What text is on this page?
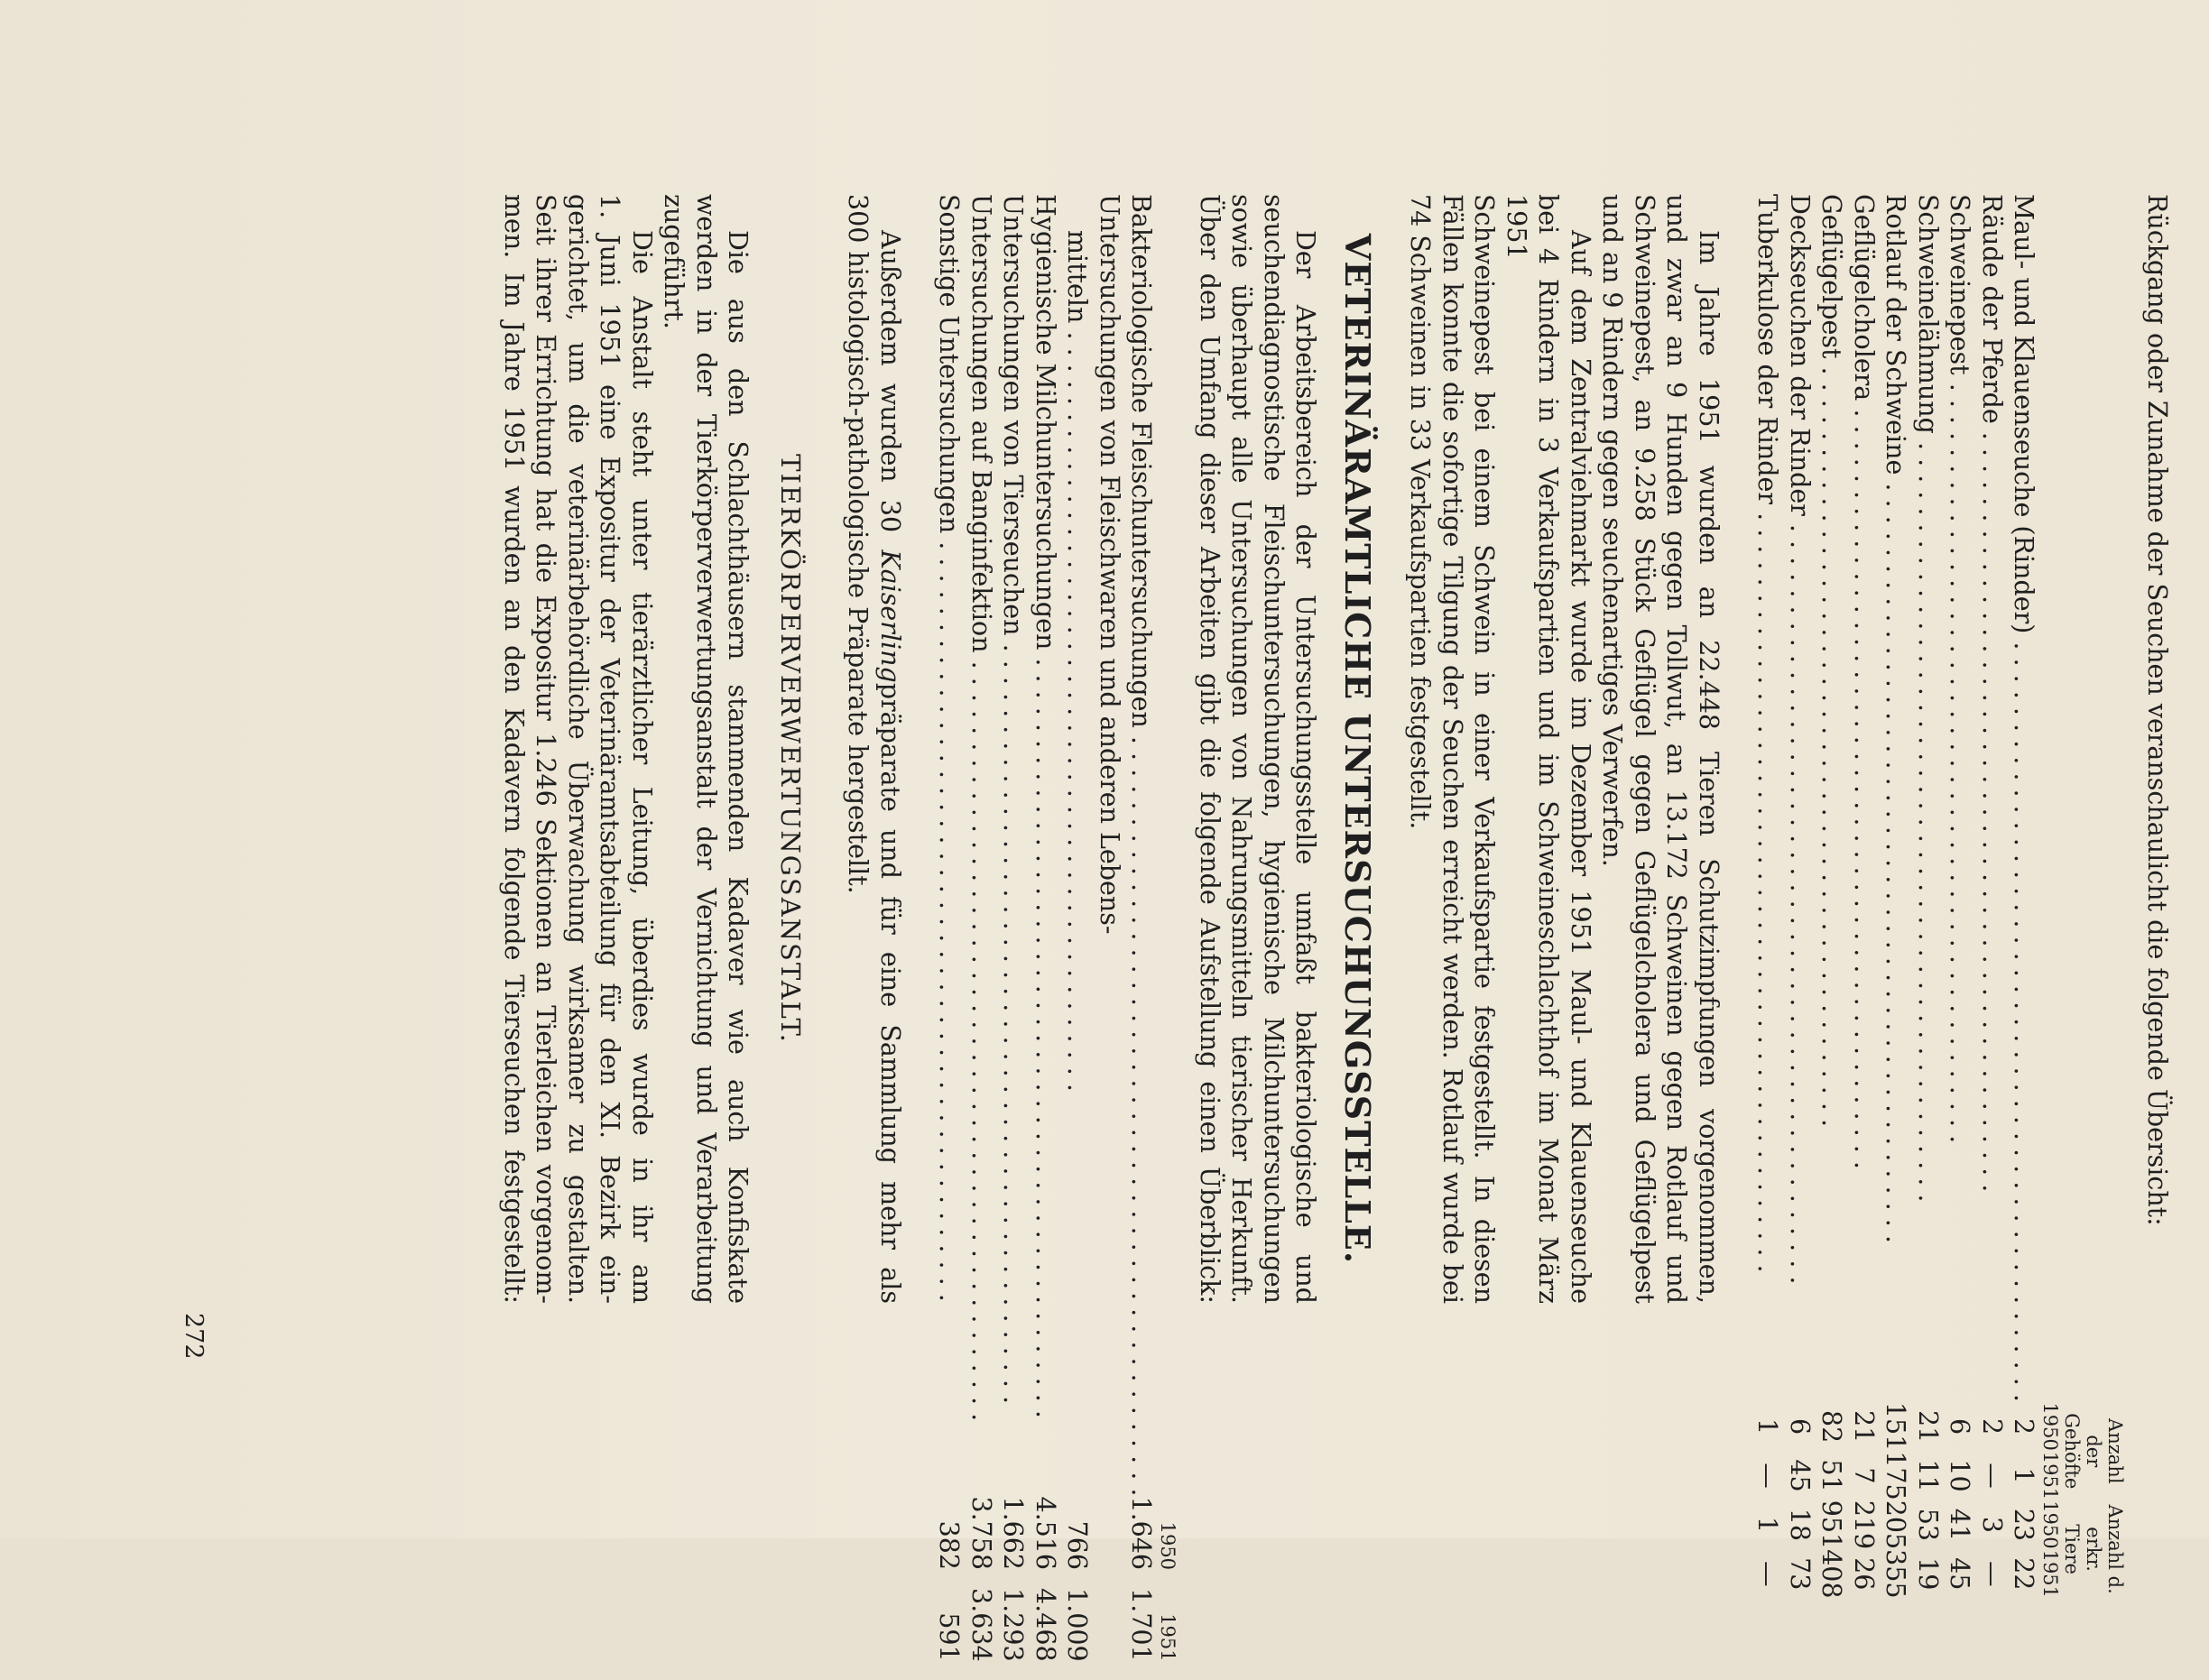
Rückgang oder Zunahme der Seuchen veranschaulicht die folgende Übersicht:
	Anzahl der Gehöfte		Anzahl d. erkr. Tiere	
	1950	1951	1950	1951
Maul- und Klauenseuche (Rinder) . . .	2	1	23	22
Räude der Pferde . . .	2	—	3	—
Schweinepest . . .	6	10	41	45
Schweinelähmung . . .	21	11	53	19
Rotlauf der Schweine . . .	151	175	205	355
Geflügelcholera . . .	21	7	219	26
Geflügelpest . . .	82	51	951	408
Deckseuchen der Rinder . . .	6	45	18	73
Tuberkulose der Rinder . . .	1	—	1	—
Im Jahre 1951 wurden an 22.448 Tieren Schutzimpfungen vorgenommen,
und zwar an 9 Hunden gegen Tollwut, an 13.172 Schweinen gegen Rotlauf und
Schweinepest, an 9.258 Stück Geflügel gegen Geflügelcholera und Geflügelpest
und an 9 Rindern gegen seuchenartiges Verwerfen.
Auf dem Zentralviehmarkt wurde im Dezember 1951 Maul- und Klauenseuche
bei 4 Rindern in 3 Verkaufspartien und im Schweineschlachthof im Monat März 1951
Schweinepest bei einem Schwein in einer Verkaufspartie festgestellt. In diesen
Fällen konnte die sofortige Tilgung der Seuchen erreicht werden. Rotlauf wurde bei
74 Schweinen in 33 Verkaufspartien festgestellt.
VETERINÄRAMTLICHE UNTERSUCHUNGSSTELLE.
Der Arbeitsbereich der Untersuchungsstelle umfaßt bakteriologische und
seuchendiagnostische Fleischuntersuchungen, hygienische Milchuntersuchungen
sowie überhaupt alle Untersuchungen von Nahrungsmitteln tierischer Herkunft.
Über den Umfang dieser Arbeiten gibt die folgende Aufstellung einen Überblick:
	1950	1951
Bakteriologische Fleischuntersuchungen . . .	1.646	1.701
Untersuchungen von Fleischwaren und anderen Lebens-		
mitteln . . .	766	1.009
Hygienische Milchuntersuchungen . . .	4.516	4.468
Untersuchungen von Tierseuchen . . .	1.662	1.293
Untersuchungen auf Banginfektion . . .	3.758	3.634
Sonstige Untersuchungen . . .	382	591
Außerdem wurden 30 Kaiserlingpräparate und für eine Sammlung mehr als
300 histologisch-pathologische Präparate hergestellt.
TIERKÖRPERVERWERTUNGSANSTALT.
Die aus den Schlachthäusern stammenden Kadaver wie auch Konfiskate
werden in der Tierkörperverwertungsanstalt der Vernichtung und Verarbeitung
zugeführt.
Die Anstalt steht unter tierärztlicher Leitung, überdies wurde in ihr am
1. Juni 1951 eine Expositur der Veterinäramtsabteilung für den XI. Bezirk ein-
gerichtet, um die veterinärbehördliche Überwachung wirksamer zu gestalten.
Seit ihrer Errichtung hat die Expositur 1.246 Sektionen an Tierleichen vorgenom-
men. Im Jahre 1951 wurden an den Kadavern folgende Tierseuchen festgestellt:
272
